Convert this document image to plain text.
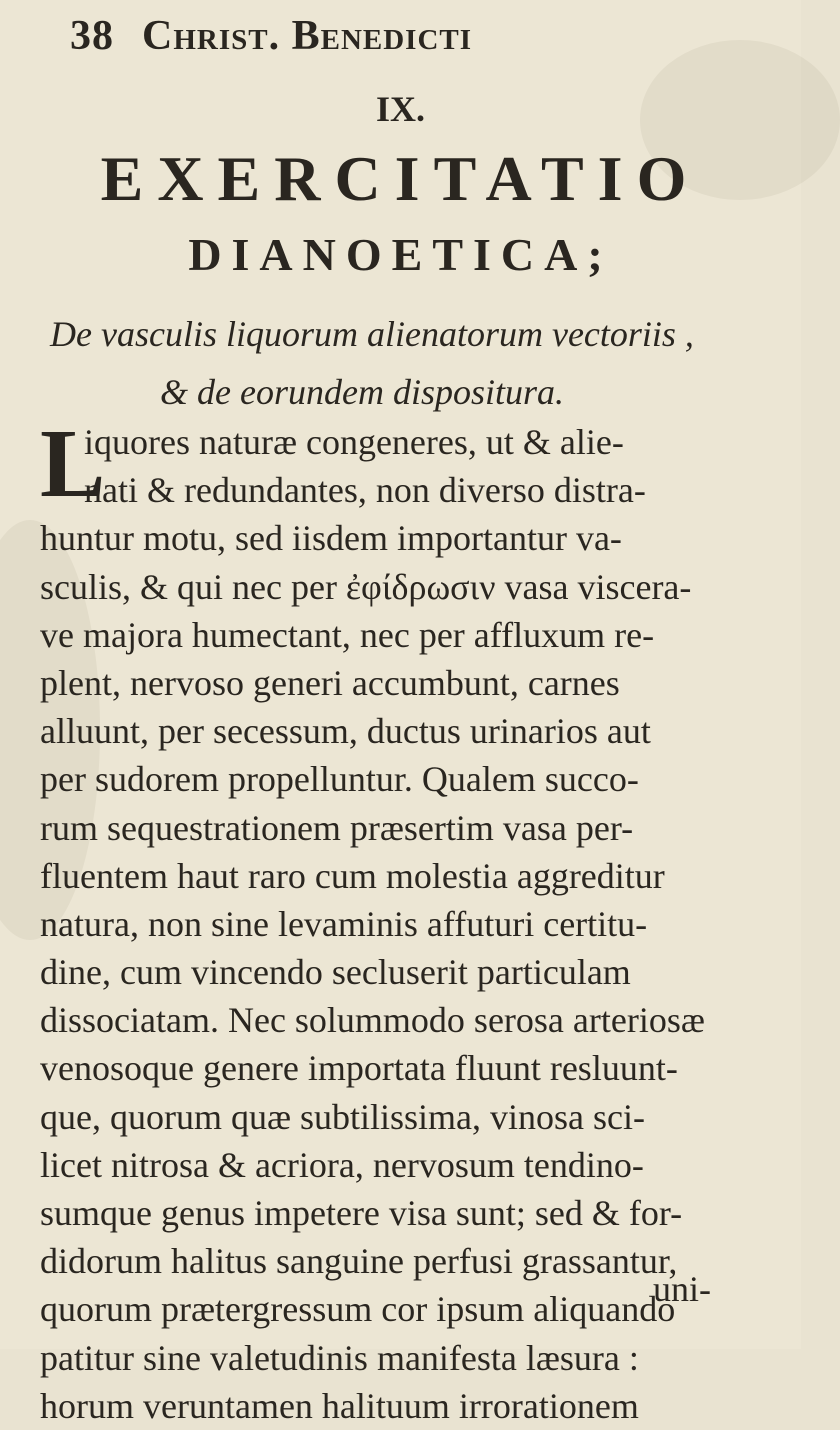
38 Christ. Benedicti
IX.
EXERCITATIO
DIANOETICA;
De vasculis liquorum alienatorum vectoriis ,
& de eorundem dispositura.
L
iquores naturæ congeneres, ut & alie-
nati & redundantes, non diverso distra-
huntur motu, sed iisdem importantur va-
sculis, & qui nec per ἐφίδρωσιν vasa viscera-
ve majora humectant, nec per affluxum re-
plent, nervoso generi accumbunt, carnes
alluunt, per secessum, ductus urinarios aut
per sudorem propelluntur. Qualem succo-
rum sequestrationem præsertim vasa per-
fluentem haut raro cum molestia aggreditur
natura, non sine levaminis affuturi certitu-
dine, cum vincendo secluserit particulam
dissociatam. Nec solummodo serosa arteriosæ
venosoque genere importata fluunt resluunt-
que, quorum quæ subtilissima, vinosa sci-
licet nitrosa & acriora, nervosum tendino-
sumque genus impetere visa sunt; sed & for-
didorum halitus sanguine perfusi grassantur,
quorum prætergressum cor ipsum aliquando
patitur sine valetudinis manifesta læsura :
horum veruntamen halituum irrorationem
uni-
